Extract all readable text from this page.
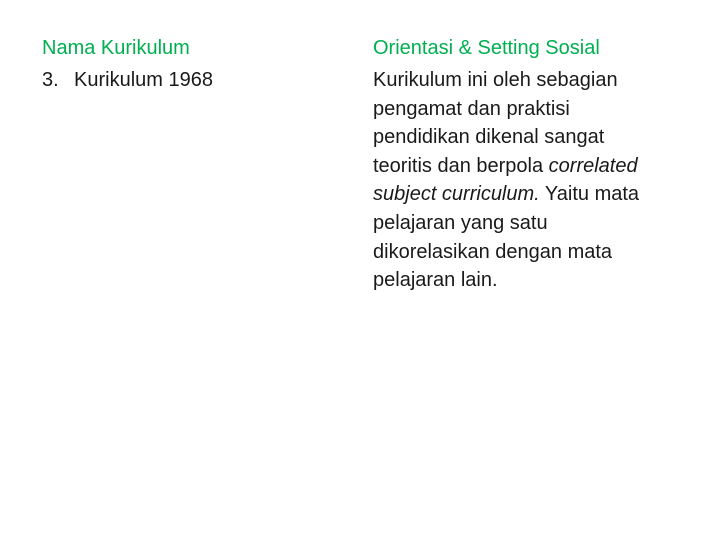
Nama Kurikulum
3. Kurikulum 1968
Orientasi & Setting Sosial

Kurikulum ini oleh sebagian
pengamat dan praktisi
pendidikan dikenal sangat
teoritis dan berpola correlated
subject curriculum. Yaitu mata
pelajaran yang satu
dikorelasikan dengan mata
pelajaran lain.
